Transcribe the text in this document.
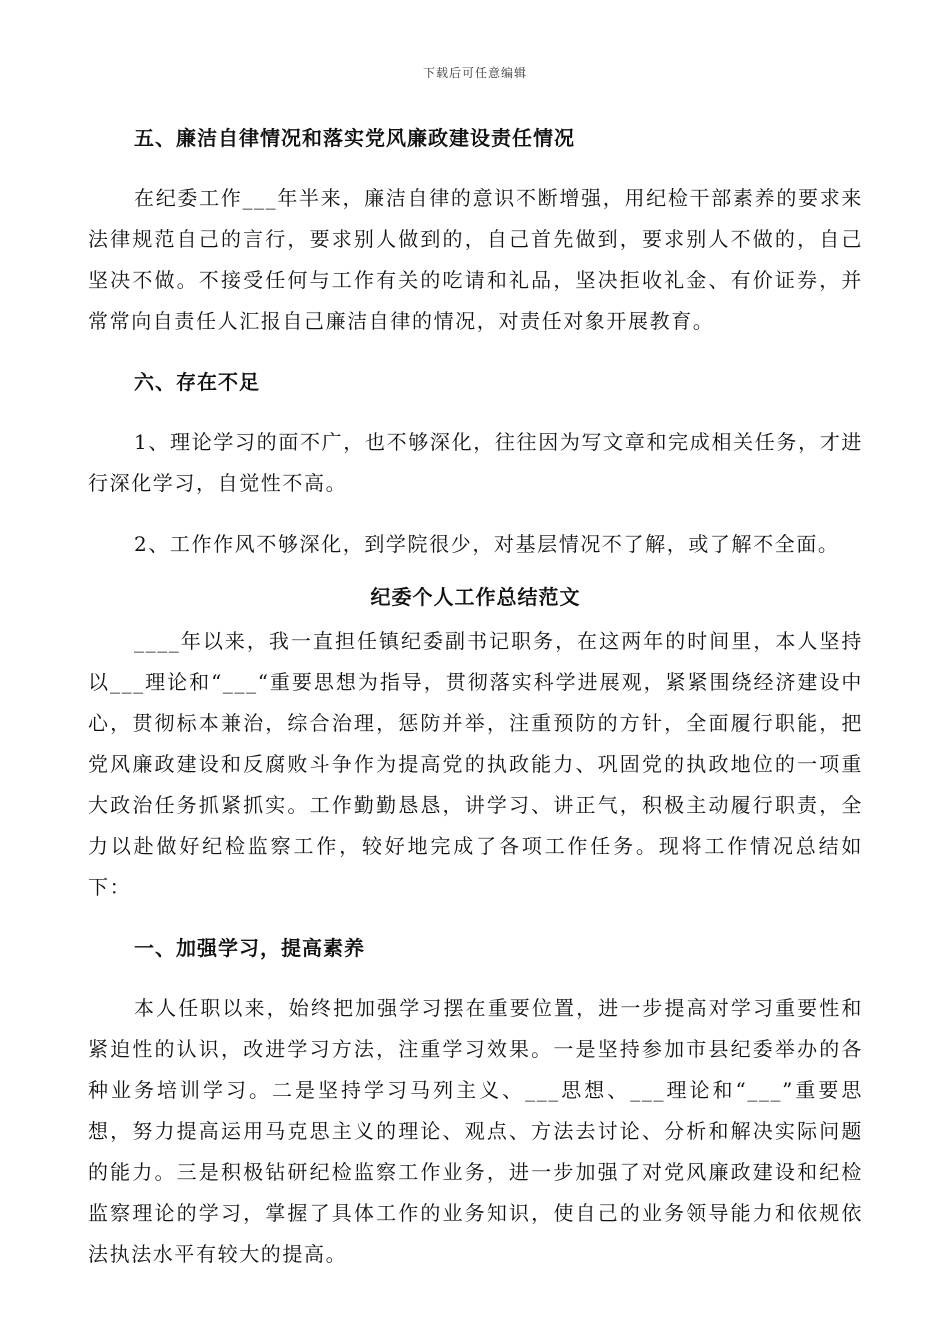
下载后可任意编辑
五、廉洁自律情况和落实党风廉政建设责任情况

在纪委工作___年半来，廉洁自律的意识不断增强，用纪检干部素养的要求来法律规范自己的言行，要求别人做到的，自己首先做到，要求别人不做的，自己坚决不做。不接受任何与工作有关的吃请和礼品，坚决拒收礼金、有价证券，并常常向自责任人汇报自己廉洁自律的情况，对责任对象开展教育。

六、存在不足

1、理论学习的面不广，也不够深化，往往因为写文章和完成相关任务，才进行深化学习，自觉性不高。

2、工作作风不够深化，到学院很少，对基层情况不了解，或了解不全面。

纪委个人工作总结范文

____年以来，我一直担任镇纪委副书记职务，在这两年的时间里，本人坚持以___理论和“___“重要思想为指导，贯彻落实科学进展观，紧紧围绕经济建设中心，贯彻标本兼治，综合治理，惩防并举，注重预防的方针，全面履行职能，把党风廉政建设和反腐败斗争作为提高党的执政能力、巩固党的执政地位的一项重大政治任务抓紧抓实。工作勤勤恳恳，讲学习、讲正气，积极主动履行职责，全力以赴做好纪检监察工作，较好地完成了各项工作任务。现将工作情况总结如下：

一、加强学习，提高素养

本人任职以来，始终把加强学习摆在重要位置，进一步提高对学习重要性和紧迫性的认识，改进学习方法，注重学习效果。一是坚持参加市县纪委举办的各种业务培训学习。二是坚持学习马列主义、___思想、___理论和“___”重要思想，努力提高运用马克思主义的理论、观点、方法去讨论、分析和解决实际问题的能力。三是积极钻研纪检监察工作业务，进一步加强了对党风廉政建设和纪检监察理论的学习，掌握了具体工作的业务知识，使自己的业务领导能力和依规依法执法水平有较大的提高。
